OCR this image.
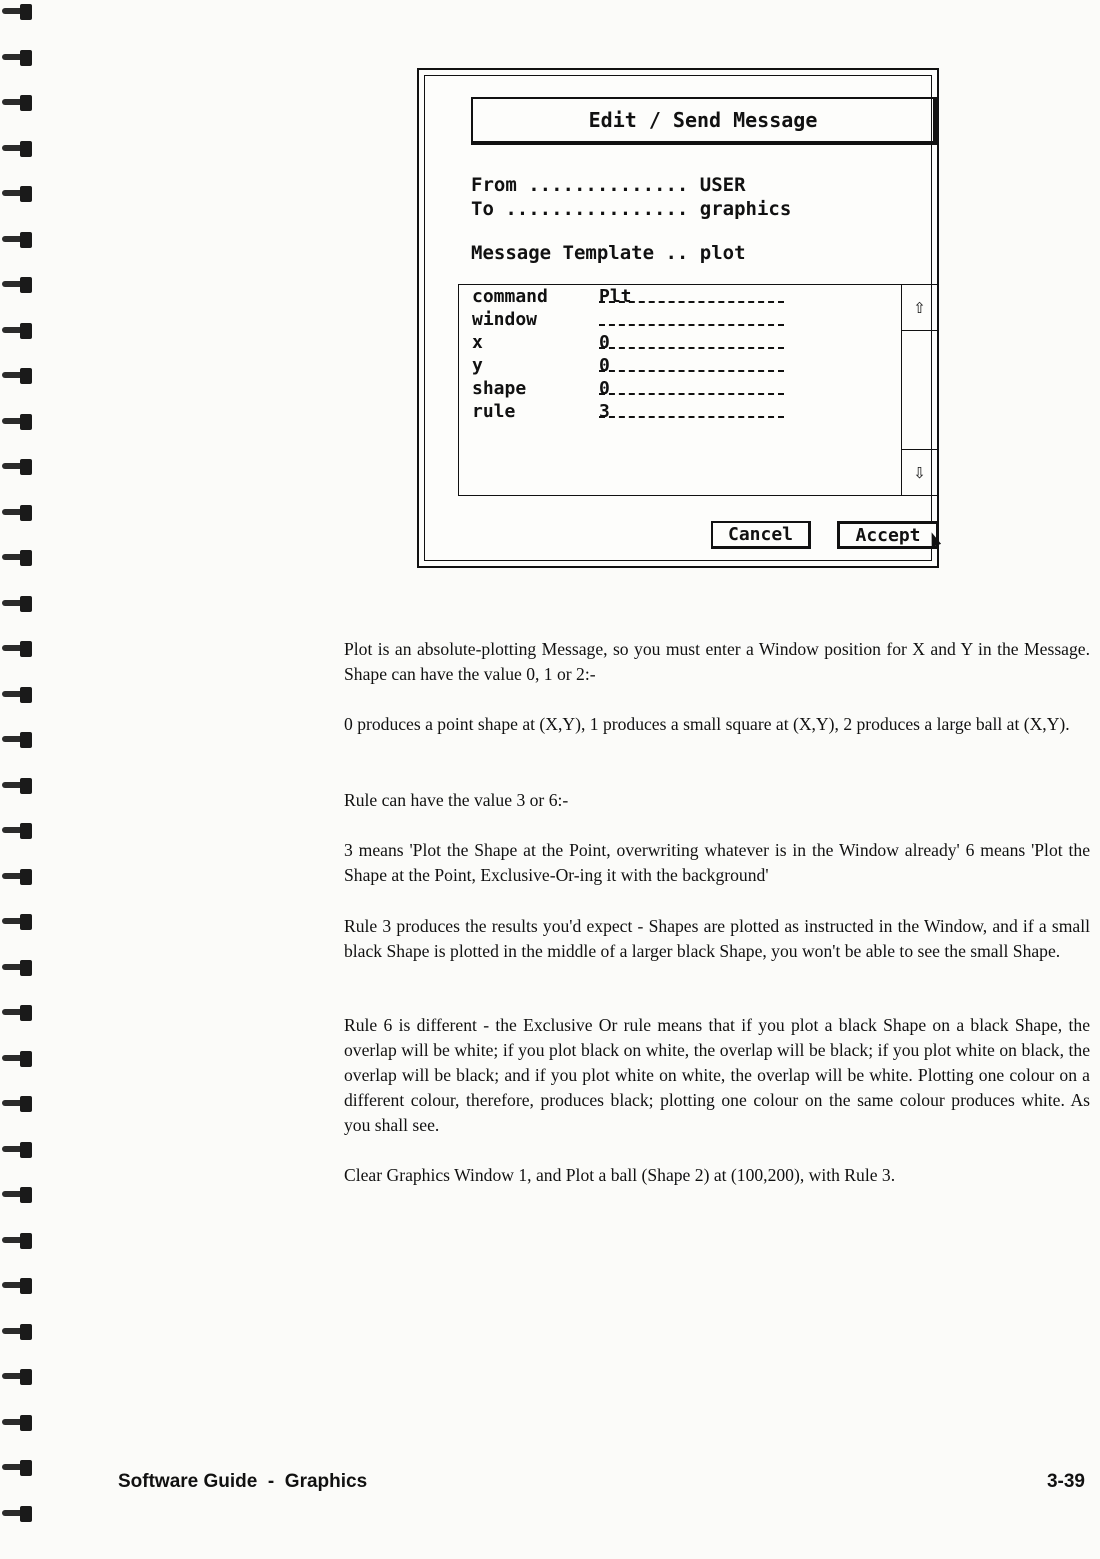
Edit / Send Message
From .............. USER
To ................ graphics
Message Template .. plot
command
window
x
y
shape
rule
Plt
0
0
0
3
⇧
⇩
Cancel	Accept
Plot is an absolute-plotting Message, so you must enter a Window position for X and Y in the Message. Shape can have the value 0, 1 or 2:-
0 produces a point shape at (X,Y), 1 produces a small square at (X,Y), 2 produces a large ball at (X,Y).
Rule can have the value 3 or 6:-
3 means 'Plot the Shape at the Point, overwriting whatever is in the Window already' 6 means 'Plot the Shape at the Point, Exclusive-Or-ing it with the background'
Rule 3 produces the results you'd expect - Shapes are plotted as instructed in the Window, and if a small black Shape is plotted in the middle of a larger black Shape, you won't be able to see the small Shape.
Rule 6 is different - the Exclusive Or rule means that if you plot a black Shape on a black Shape, the overlap will be white; if you plot black on white, the overlap will be black; if you plot white on black, the overlap will be black; and if you plot white on white, the overlap will be white. Plotting one colour on a different colour, therefore, produces black; plotting one colour on the same colour produces white. As you shall see.
Clear Graphics Window 1, and Plot a ball (Shape 2) at (100,200), with Rule 3.
Software Guide  -  Graphics	3-39
